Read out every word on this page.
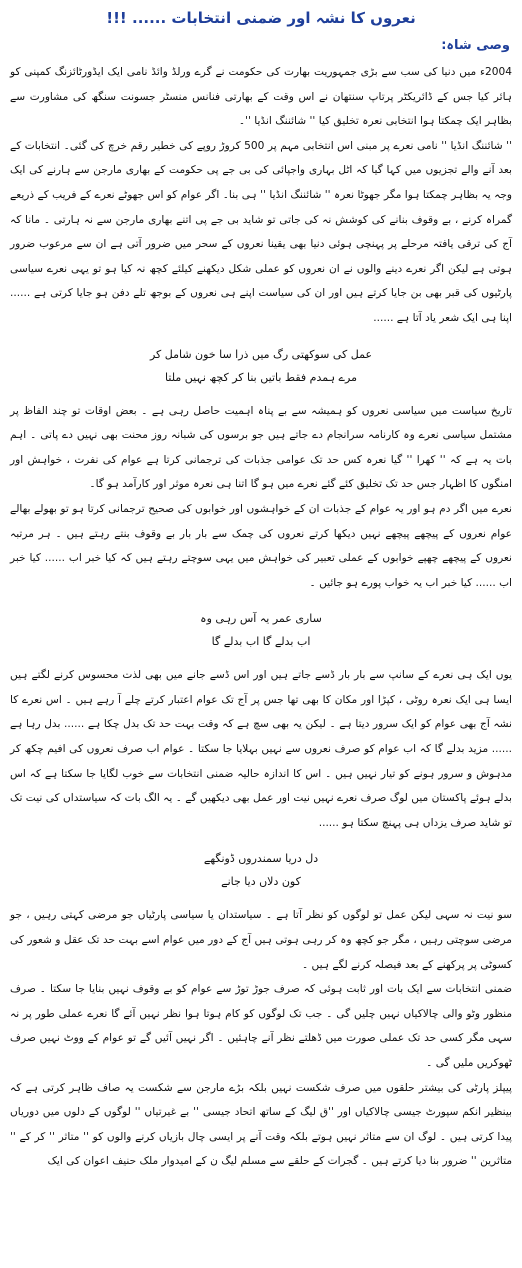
نعروں کا نشہ اور ضمنی انتخابات ...... !!!
وصی شاہ:

2004ء میں دنیا کی سب سے بڑی جمہوریت بھارت کی حکومت نے گرے ورلڈ وائڈ نامی ایک ایڈورٹائزنگ کمپنی کو ہائر کیا جس کے ڈائریکٹر پرتاپ سنتھان نے اس وقت کے بھارتی فنانس منسٹر جسونت سنگھ کی مشاورت سے بظاہر ایک چمکتا ہوا انتخابی نعرہ تخلیق کیا '' شائننگ انڈیا ''۔

'' شائننگ انڈیا '' نامی نعرے پر مبنی اس انتخابی مہم پر 500 کروڑ روپے کی خطیر رقم خرچ کی گئی۔ انتخابات کے بعد آنے والے تجزیوں میں کہا گیا کہ اٹل بہاری واجپائی کی بی جے پی حکومت کے بھاری مارجن سے ہارنے کی ایک وجہ یہ بظاہر چمکتا ہوا مگر جھوٹا نعرہ '' شائننگ انڈیا '' ہی بنا۔ اگر عوام کو اس جھوٹے نعرے کے فریب کے ذریعے گمراہ کرنے ، بے وقوف بنانے کی کوشش نہ کی جاتی تو شاید بی جے پی اتنے بھاری مارجن سے نہ ہارتی ۔ مانا کہ آج کی ترقی یافتہ مرحلے پر پہنچی ہوئی دنیا بھی یقینا نعروں کے سحر میں ضرور آتی ہے ان سے مرعوب ضرور ہوتی ہے لیکن اگر نعرے دینے والوں نے ان نعروں کو عملی شکل دیکھنے کیلئے کچھ نہ کیا ہو تو یہی نعرے سیاسی پارٹیوں کی قبر بھی بن جایا کرتے ہیں اور ان کی سیاست اپنے ہی نعروں کے بوجھ تلے دفن ہو جایا کرتی ہے ...... اپنا ہی ایک شعر یاد آتا ہے ......

عمل کی سوکھتی رگ میں ذرا سا خون شامل کر
مرے ہمدم فقط باتیں بنا کر کچھ نہیں ملتا

تاریخ سیاست میں سیاسی نعروں کو ہمیشہ سے بے پناہ اہمیت حاصل رہی ہے ۔ بعض اوقات تو چند الفاظ پر مشتمل سیاسی نعرے وہ کارنامہ سرانجام دے جاتے ہیں جو برسوں کی شبانہ روز محنت بھی نہیں دے پاتی ۔ اہم بات یہ ہے کہ '' کھرا '' گیا نعرہ کس حد تک عوامی جذبات کی ترجمانی کرتا ہے عوام کی نفرت ، خواہش اور امنگوں کا اظہار جس حد تک تخلیق کئے گئے نعرے میں ہو گا اتنا ہی نعرہ موثر اور کارآمد ہو گا۔

نعرے میں اگر دم ہو اور یہ عوام کے جذبات ان کے خواہشوں اور خوابوں کی صحیح ترجمانی کرتا ہو تو بھولے بھالے عوام نعروں کے پیچھے پیچھے نہیں دیکھا کرتے نعروں کی چمک سے بار بار بے وقوف بنتے رہتے ہیں ۔ ہر مرتبہ نعروں کے پیچھے چھپے خوابوں کے عملی تعبیر کی خواہش میں یہی سوچتے رہتے ہیں کہ کیا خبر اب ...... کیا خبر اب ...... کیا خبر اب یہ خواب پورے ہو جائیں ۔

ساری عمر یہ آس رہی وہ
اب بدلے گا اب بدلے گا

یوں ایک ہی نعرے کے سانپ سے بار بار ڈسے جاتے ہیں اور اس ڈسے جانے میں بھی لذت محسوس کرنے لگتے ہیں ایسا ہی ایک نعرہ روٹی ، کپڑا اور مکان کا بھی تھا جس پر آج تک عوام اعتبار کرتے چلے آ رہے ہیں ۔ اس نعرے کا نشہ آج بھی عوام کو ایک سرور دیتا ہے ۔ لیکن یہ بھی سچ ہے کہ وقت بہت حد تک بدل چکا ہے ...... بدل رہا ہے ...... مزید بدلے گا کہ اب عوام کو صرف نعروں سے نہیں بہلایا جا سکتا ۔ عوام اب صرف نعروں کی افیم چکھ کر مدہوش و سرور ہونے کو تیار نہیں ہیں ۔ اس کا اندازہ حالیہ ضمنی انتخابات سے خوب لگایا جا سکتا ہے کہ اس بدلے ہوئے پاکستان میں لوگ صرف نعرے نہیں نیت اور عمل بھی دیکھیں گے ۔ یہ الگ بات کہ سیاستداں کی نیت تک تو شاید صرف یزداں ہی پہنچ سکتا ہو ......

دل دریا سمندروں ڈونگھے
کون دلاں دیا جانے

سو نیت نہ سہی لیکن عمل تو لوگوں کو نظر آتا ہے ۔ سیاستدان یا سیاسی پارٹیاں جو مرضی کہتی رہیں ، جو مرضی سوچتی رہیں ، مگر جو کچھ وہ کر رہی ہوتی ہیں آج کے دور میں عوام اسے بہت حد تک عقل و شعور کی کسوٹی پر پرکھنے کے بعد فیصلہ کرنے لگے ہیں ۔

ضمنی انتخابات سے ایک بات اور ثابت ہوئی کہ صرف جوڑ توڑ سے عوام کو بے وقوف نہیں بنایا جا سکتا ۔ صرف منظور وٹو والی چالاکیاں نہیں چلیں گی ۔ جب تک لوگوں کو کام ہوتا ہوا نظر نہیں آئے گا نعرے عملی طور پر نہ سہی مگر کسی حد تک عملی صورت میں ڈھلتے نظر آنے چاہئیں ۔ اگر نہیں آئیں گے تو عوام کے ووٹ نہیں صرف ٹھوکریں ملیں گی ۔

پیپلز پارٹی کی بیشتر حلقوں میں صرف شکست نہیں بلکہ بڑے مارجن سے شکست یہ صاف ظاہر کرتی ہے کہ بینظیر انکم سپورٹ جیسی چالاکیاں اور ''ق لیگ کے ساتھ اتحاد جیسی '' بے غیرتیاں '' لوگوں کے دلوں میں دوریاں پیدا کرتی ہیں ۔ لوگ ان سے متاثر نہیں ہوتے بلکہ وقت آنے پر ایسی چال بازیاں کرنے والوں کو '' متاثر '' کر کے '' متاثرین '' ضرور بنا دیا کرتے ہیں ۔ گجرات کے حلقے سے مسلم لیگ ن کے امیدوار ملک حنیف اعوان کی ایک
